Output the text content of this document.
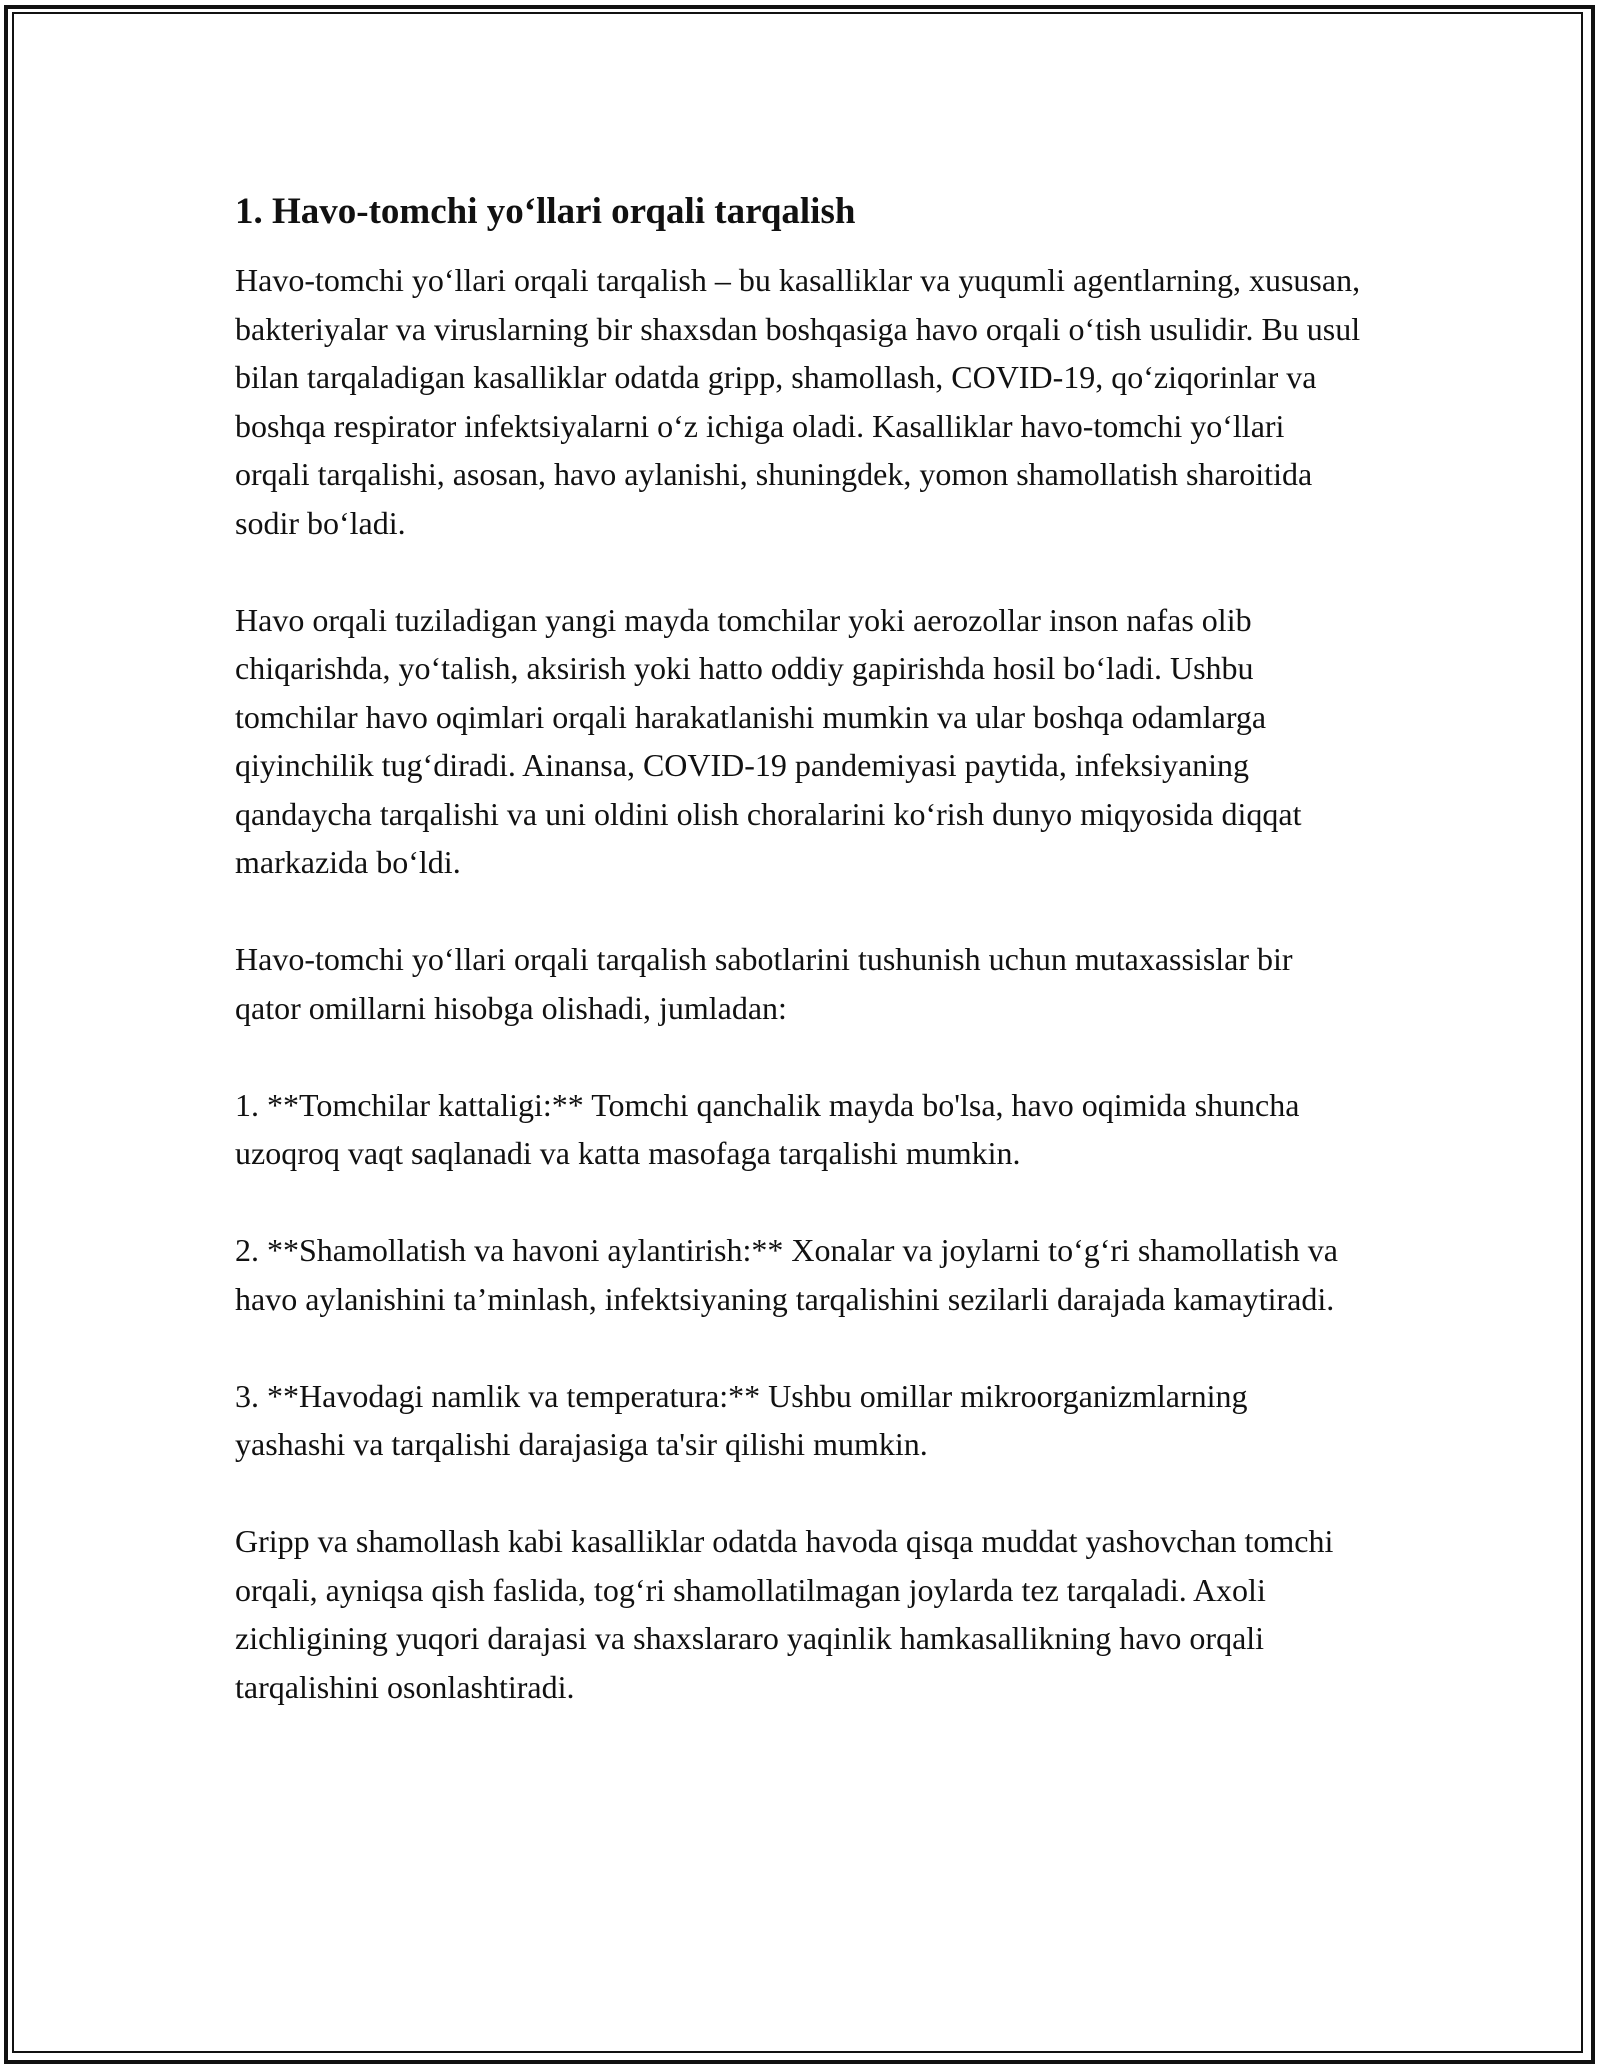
1. Havo-tomchi yo‘llari orqali tarqalish

Havo-tomchi yo‘llari orqali tarqalish – bu kasalliklar va yuqumli agentlarning, xususan, bakteriyalar va viruslarning bir shaxsdan boshqasiga havo orqali o‘tish usulidir. Bu usul bilan tarqaladigan kasalliklar odatda gripp, shamollash, COVID-19, qo‘ziqorinlar va boshqa respirator infektsiyalarni o‘z ichiga oladi. Kasalliklar havo-tomchi yo‘llari orqali tarqalishi, asosan, havo aylanishi, shuningdek, yomon shamollatish sharoitida sodir bo‘ladi.

Havo orqali tuziladigan yangi mayda tomchilar yoki aerozollar inson nafas olib chiqarishda, yo‘talish, aksirish yoki hatto oddiy gapirishda hosil bo‘ladi. Ushbu tomchilar havo oqimlari orqali harakatlanishi mumkin va ular boshqa odamlarga qiyinchilik tug‘diradi. Ainansa, COVID-19 pandemiyasi paytida, infeksiyaning qandaycha tarqalishi va uni oldini olish choralarini ko‘rish dunyo miqyosida diqqat markazida bo‘ldi.

Havo-tomchi yo‘llari orqali tarqalish sabotlarini tushunish uchun mutaxassislar bir qator omillarni hisobga olishadi, jumladan:

1. **Tomchilar kattaligi:** Tomchi qanchalik mayda bo'lsa, havo oqimida shuncha uzoqroq vaqt saqlanadi va katta masofaga tarqalishi mumkin.

2. **Shamollatish va havoni aylantirish:** Xonalar va joylarni to‘g‘ri shamollatish va havo aylanishini ta’minlash, infektsiyaning tarqalishini sezilarli darajada kamaytiradi.

3. **Havodagi namlik va temperatura:** Ushbu omillar mikroorganizmlarning yashashi va tarqalishi darajasiga ta'sir qilishi mumkin.

Gripp va shamollash kabi kasalliklar odatda havoda qisqa muddat yashovchan tomchi orqali, ayniqsa qish faslida, tog‘ri shamollatilmagan joylarda tez tarqaladi. Axoli zichligining yuqori darajasi va shaxslararo yaqinlik hamkasallikning havo orqali tarqalishini osonlashtiradi.
